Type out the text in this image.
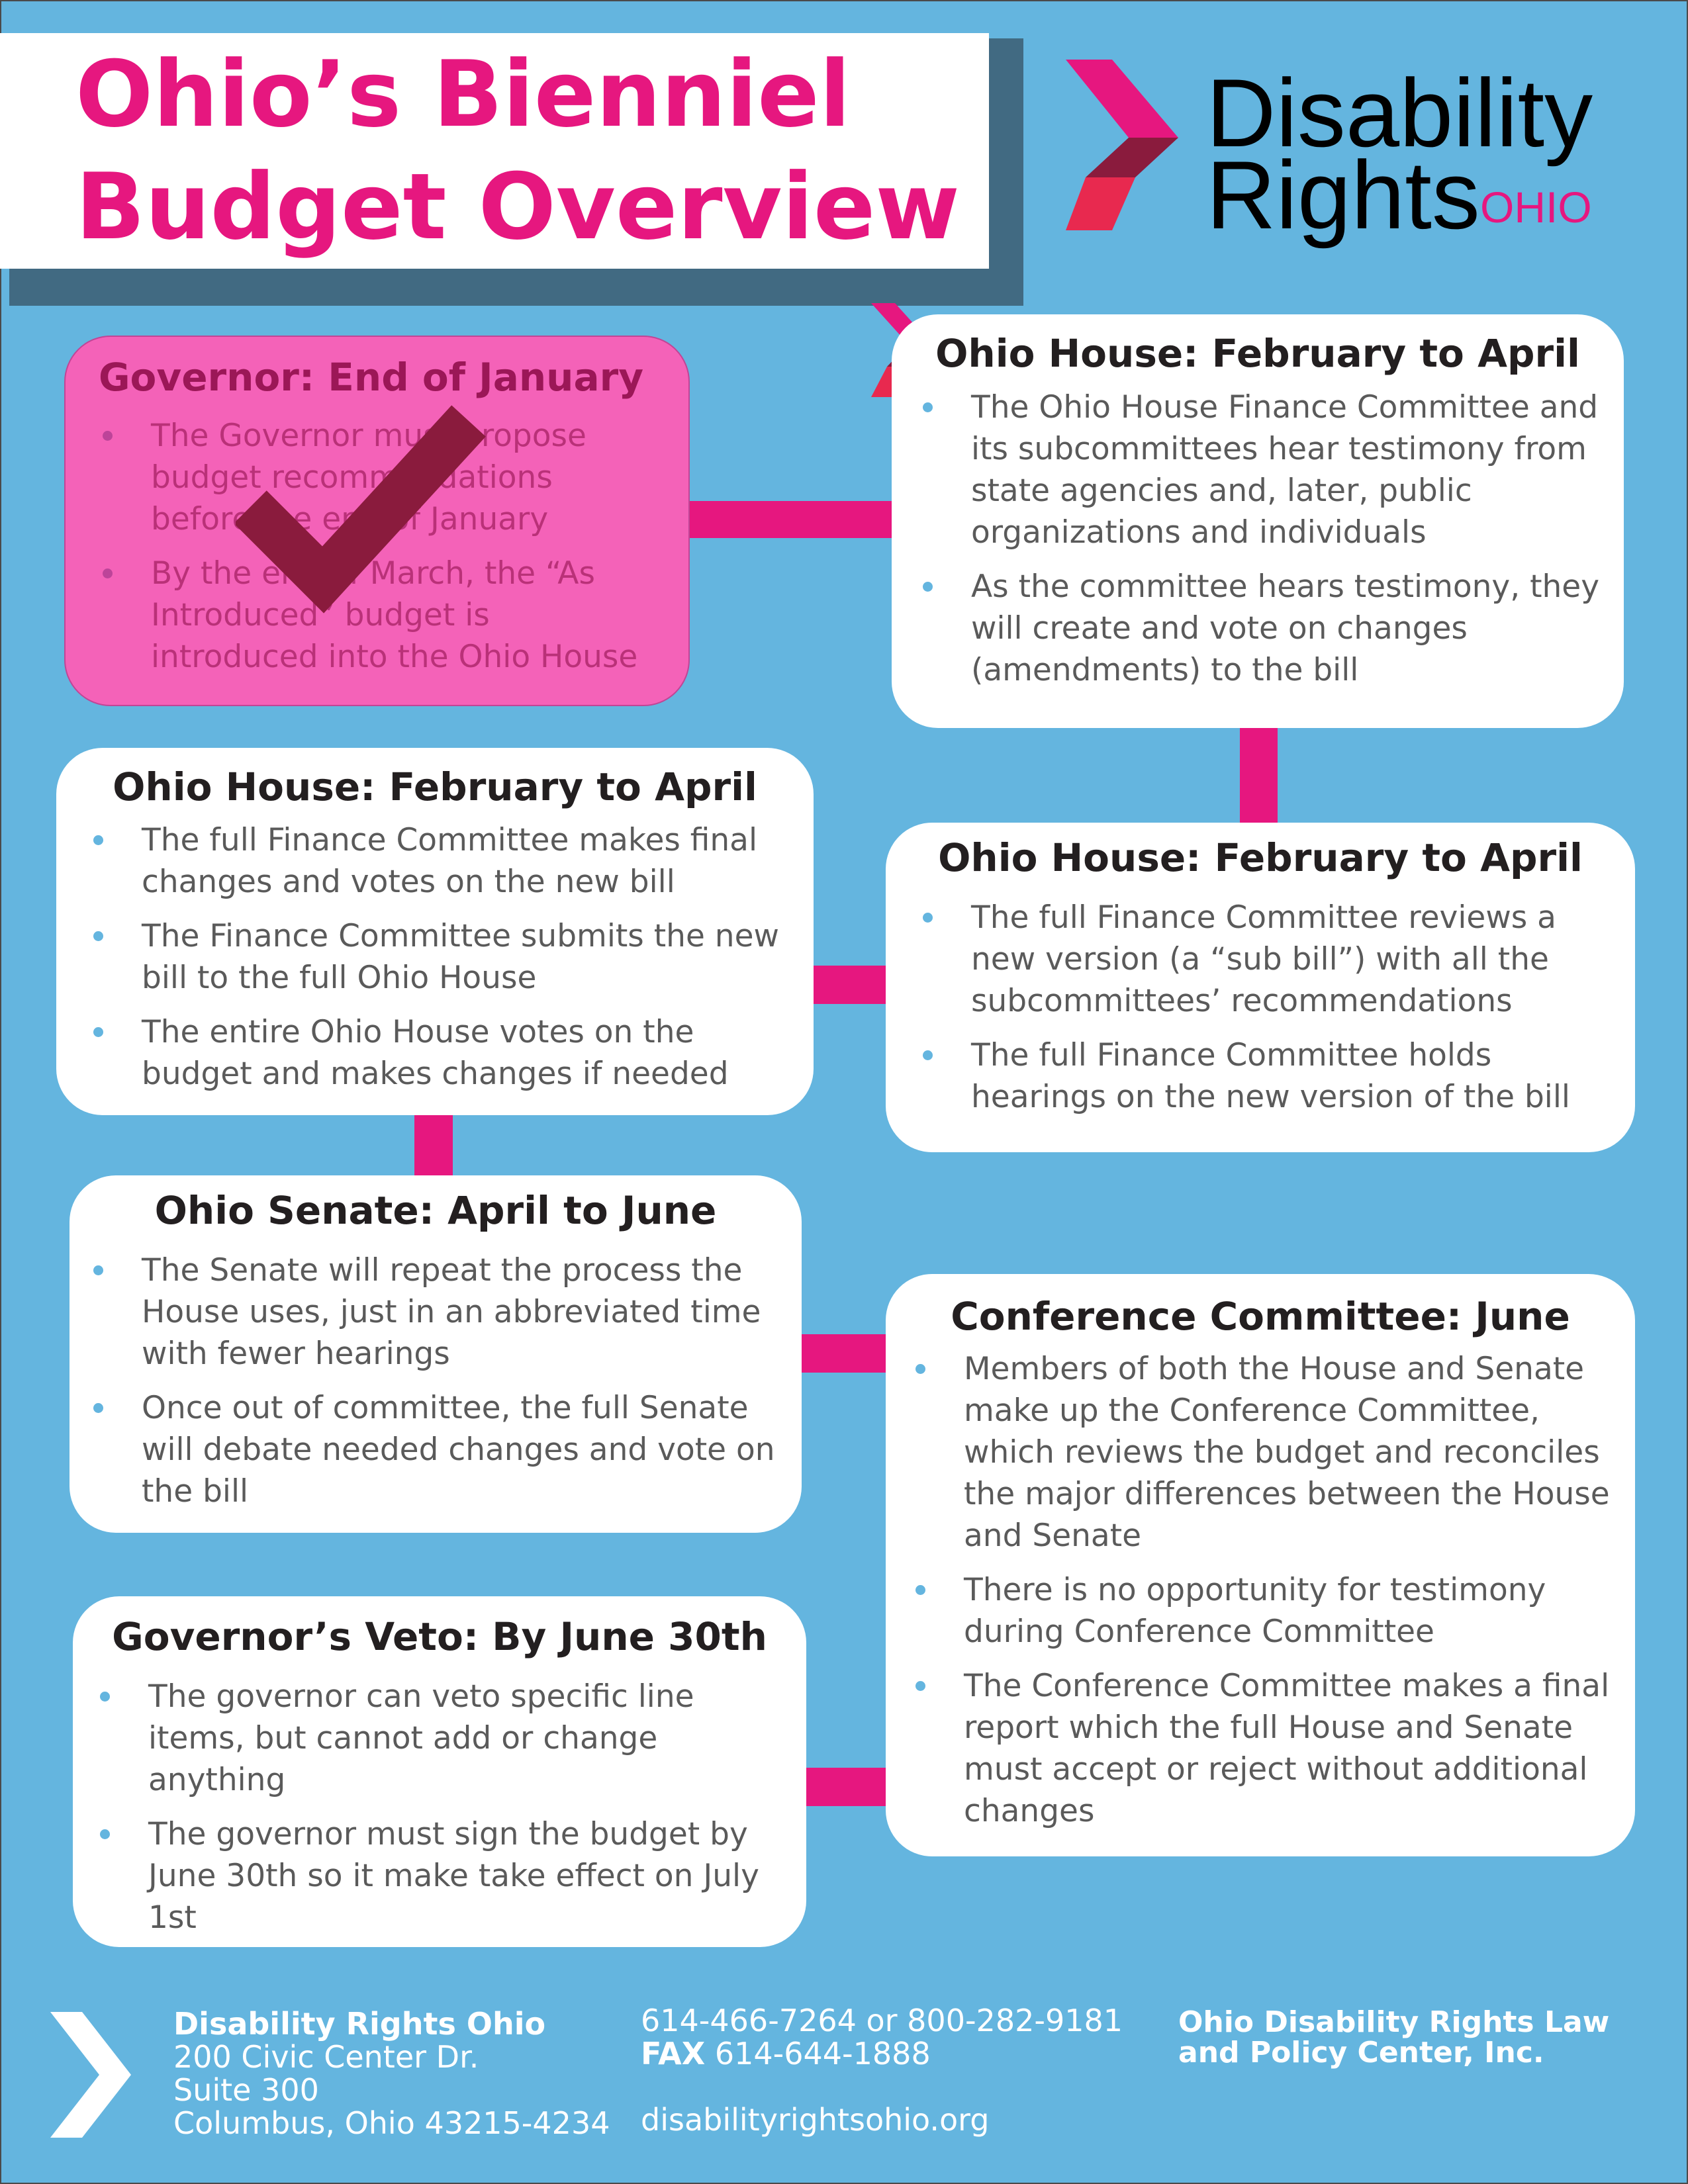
Ohio’s Bienniel
Budget Overview
Disability
Rights OHIO
Governor: End of January
The Governor must propose budget recommendations before the end of January
By the end of March, the “As Introduced” budget is introduced into the Ohio House
Ohio House: February to April
The Ohio House Finance Committee and its subcommittees hear testimony from state agencies and, later, public organizations and individuals
As the committee hears testimony, they will create and vote on changes (amendments) to the bill
Ohio House: February to April
The full Finance Committee reviews a new version (a “sub bill”) with all the subcommittees’ recommendations
The full Finance Committee holds hearings on the new version of the bill
Ohio House: February to April
The full Finance Committee makes final changes and votes on the new bill
The Finance Committee submits the new bill to the full Ohio House
The entire Ohio House votes on the budget and makes changes if needed
Ohio Senate: April to June
The Senate will repeat the process the House uses, just in an abbreviated time with fewer hearings
Once out of committee, the full Senate will debate needed changes and vote on the bill
Conference Committee: June
Members of both the House and Senate make up the Conference Committee, which reviews the budget and reconciles the major differences between the House and Senate
There is no opportunity for testimony during Conference Committee
The Conference Committee makes a final report which the full House and Senate must accept or reject without additional changes
Governor’s Veto: By June 30th
The governor can veto specific line items, but cannot add or change anything
The governor must sign the budget by June 30th so it make take effect on July 1st
Disability Rights Ohio
200 Civic Center Dr.
Suite 300
Columbus, Ohio 43215-4234
614-466-7264 or 800-282-9181
FAX 614-644-1888
disabilityrightsohio.org
Ohio Disability Rights Law
and Policy Center, Inc.
